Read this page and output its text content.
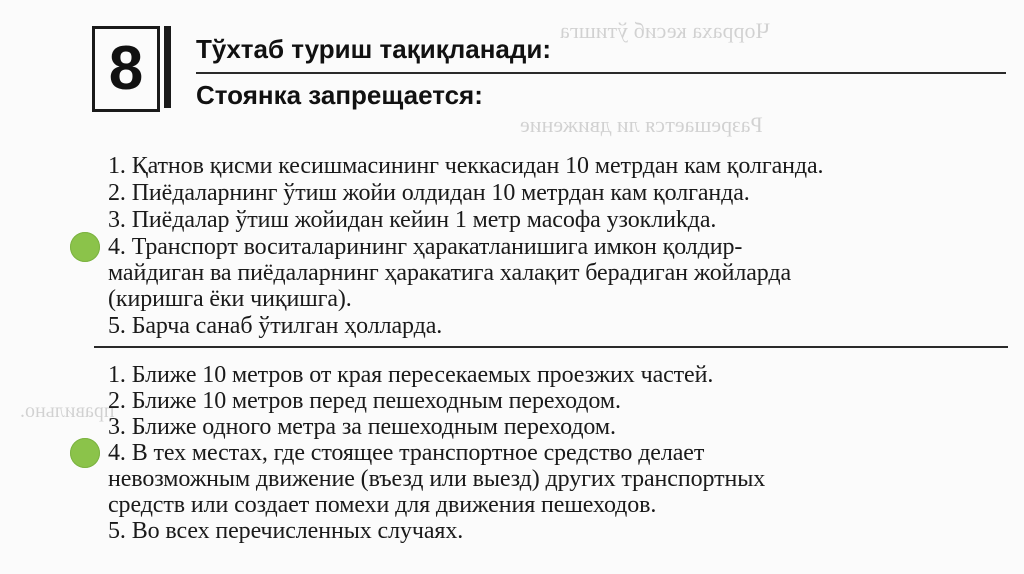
Чорраха кесиб ўтишга
Разрешается ли движение
правильно.
8	Тўхтаб туриш тақиқланади:
Стоянка запрещается:
1. Қатнов қисми кесишмасининг чеккасидан 10 метрдан кам қолганда.
2. Пиёдаларнинг ўтиш жойи олдидан 10 метрдан кам қолганда.
3. Пиёдалар ўтиш жойидан кейин 1 метр масофа узоклиkда.
4. Транспорт воситаларининг ҳаракатланишига имкон қолдир-
майдиган ва пиёдаларнинг ҳаракатига халақит берадиган жойларда
(киришга ёки чиқишга).
5. Барча санаб ўтилган ҳолларда.
1. Ближе 10 метров от края пересекаемых проезжих частей.
2. Ближе 10 метров перед пешеходным переходом.
3. Ближе одного метра за пешеходным переходом.
4. В тех местах, где стоящее транспортное средство делает
невозможным движение (въезд или выезд) других транспортных
средств или создает помехи для движения пешеходов.
5. Во всех перечисленных случаях.
